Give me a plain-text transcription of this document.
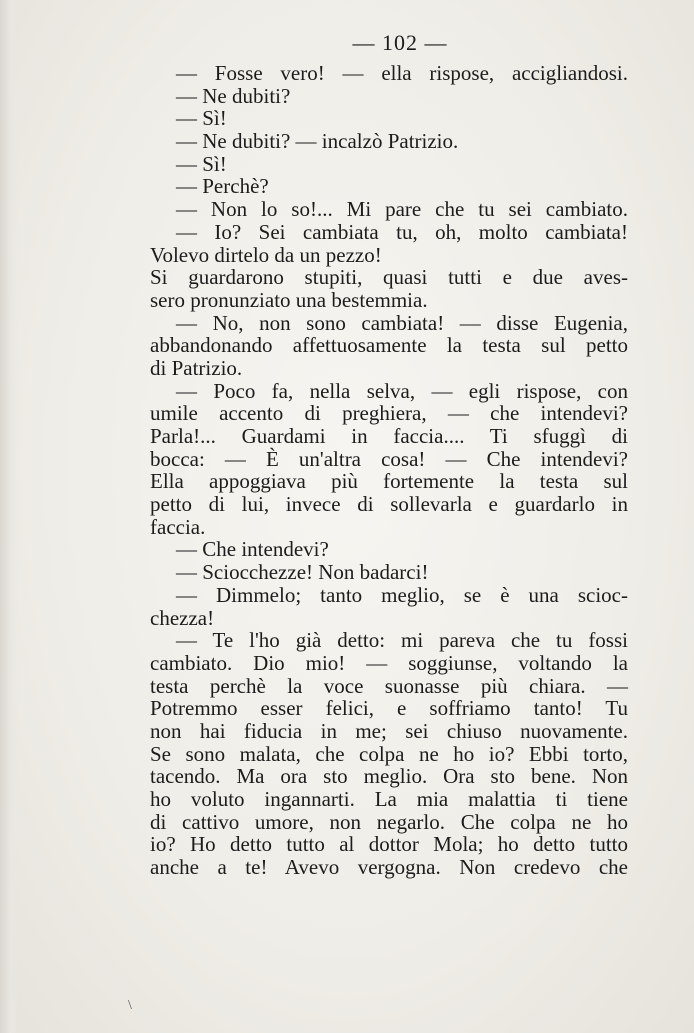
— 102 —
— Fosse vero! — ella rispose, accigliandosi.
— Ne dubiti?
— Sì!
— Ne dubiti? — incalzò Patrizio.
— Sì!
— Perchè?
— Non lo so!... Mi pare che tu sei cambiato.
— Io? Sei cambiata tu, oh, molto cambiata!
Volevo dirtelo da un pezzo!
Si guardarono stupiti, quasi tutti e due aves-
sero pronunziato una bestemmia.
— No, non sono cambiata! — disse Eugenia,
abbandonando affettuosamente la testa sul petto
di Patrizio.
— Poco fa, nella selva, — egli rispose, con
umile accento di preghiera, — che intendevi?
Parla!... Guardami in faccia.... Ti sfuggì di
bocca: — È un'altra cosa! — Che intendevi?
Ella appoggiava più fortemente la testa sul
petto di lui, invece di sollevarla e guardarlo in
faccia.
— Che intendevi?
— Sciocchezze! Non badarci!
— Dimmelo; tanto meglio, se è una scioc-
chezza!
— Te l'ho già detto: mi pareva che tu fossi
cambiato. Dio mio! — soggiunse, voltando la
testa perchè la voce suonasse più chiara. —
Potremmo esser felici, e soffriamo tanto! Tu
non hai fiducia in me; sei chiuso nuovamente.
Se sono malata, che colpa ne ho io? Ebbi torto,
tacendo. Ma ora sto meglio. Ora sto bene. Non
ho voluto ingannarti. La mia malattia ti tiene
di cattivo umore, non negarlo. Che colpa ne ho
io? Ho detto tutto al dottor Mola; ho detto tutto
anche a te! Avevo vergogna. Non credevo che
\
